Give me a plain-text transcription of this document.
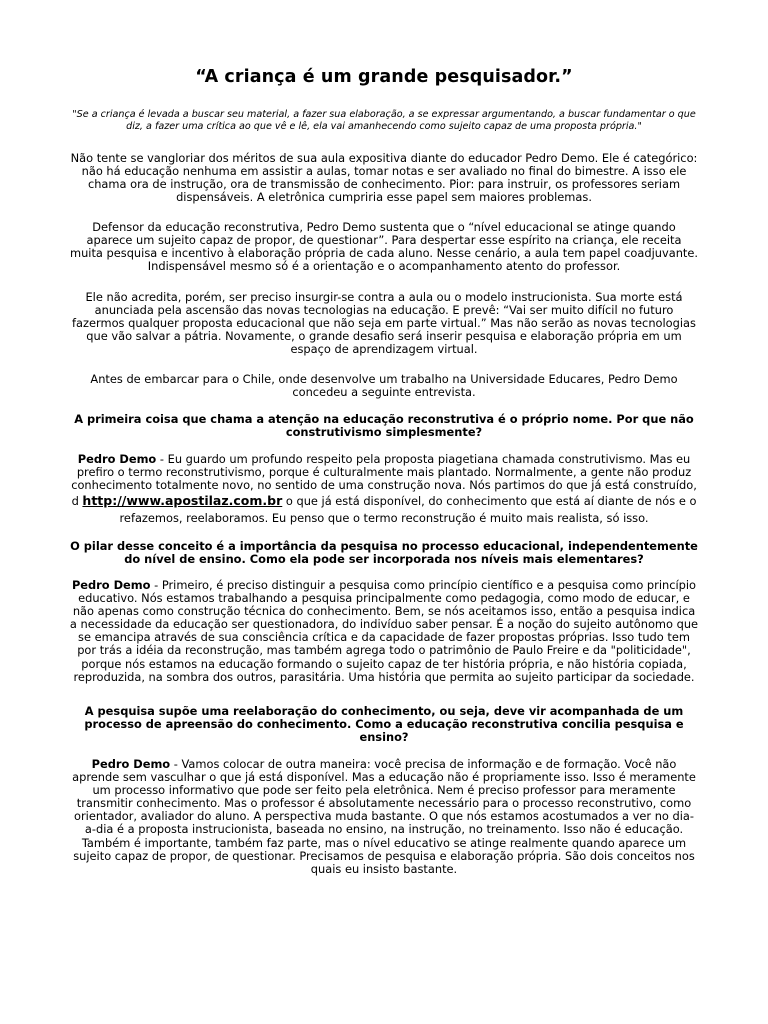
“A criança é um grande pesquisador.”
"Se a criança é levada a buscar seu material, a fazer sua elaboração, a se expressar argumentando, a buscar fundamentar o que
diz, a fazer uma crítica ao que vê e lê, ela vai amanhecendo como sujeito capaz de uma proposta própria."
Não tente se vangloriar dos méritos de sua aula expositiva diante do educador Pedro Demo. Ele é categórico:
não há educação nenhuma em assistir a aulas, tomar notas e ser avaliado no final do bimestre. A isso ele
chama ora de instrução, ora de transmissão de conhecimento. Pior: para instruir, os professores seriam
dispensáveis. A eletrônica cumpriria esse papel sem maiores problemas.
Defensor da educação reconstrutiva, Pedro Demo sustenta que o “nível educacional se atinge quando
aparece um sujeito capaz de propor, de questionar”. Para despertar esse espírito na criança, ele receita
muita pesquisa e incentivo à elaboração própria de cada aluno. Nesse cenário, a aula tem papel coadjuvante.
Indispensável mesmo só é a orientação e o acompanhamento atento do professor.
Ele não acredita, porém, ser preciso insurgir-se contra a aula ou o modelo instrucionista. Sua morte está
anunciada pela ascensão das novas tecnologias na educação. E prevê: “Vai ser muito difícil no futuro
fazermos qualquer proposta educacional que não seja em parte virtual.” Mas não serão as novas tecnologias
que vão salvar a pátria. Novamente, o grande desafio será inserir pesquisa e elaboração própria em um
espaço de aprendizagem virtual.
Antes de embarcar para o Chile, onde desenvolve um trabalho na Universidade Educares, Pedro Demo
concedeu a seguinte entrevista.
A primeira coisa que chama a atenção na educação reconstrutiva é o próprio nome. Por que não
construtivismo simplesmente?
Pedro Demo - Eu guardo um profundo respeito pela proposta piagetiana chamada construtivismo. Mas eu
prefiro o termo reconstrutivismo, porque é culturalmente mais plantado. Normalmente, a gente não produz
conhecimento totalmente novo, no sentido de uma construção nova. Nós partimos do que já está construído,
d http://www.apostilaz.com.br o que já está disponível, do conhecimento que está aí diante de nós e o
refazemos, reelaboramos. Eu penso que o termo reconstrução é muito mais realista, só isso.
O pilar desse conceito é a importância da pesquisa no processo educacional, independentemente
do nível de ensino. Como ela pode ser incorporada nos níveis mais elementares?
Pedro Demo - Primeiro, é preciso distinguir a pesquisa como princípio científico e a pesquisa como princípio
educativo. Nós estamos trabalhando a pesquisa principalmente como pedagogia, como modo de educar, e
não apenas como construção técnica do conhecimento. Bem, se nós aceitamos isso, então a pesquisa indica
a necessidade da educação ser questionadora, do indivíduo saber pensar. É a noção do sujeito autônomo que
se emancipa através de sua consciência crítica e da capacidade de fazer propostas próprias. Isso tudo tem
por trás a idéia da reconstrução, mas também agrega todo o patrimônio de Paulo Freire e da "politicidade",
porque nós estamos na educação formando o sujeito capaz de ter história própria, e não história copiada,
reproduzida, na sombra dos outros, parasitária. Uma história que permita ao sujeito participar da sociedade.
A pesquisa supõe uma reelaboração do conhecimento, ou seja, deve vir acompanhada de um
processo de apreensão do conhecimento. Como a educação reconstrutiva concilia pesquisa e
ensino?
Pedro Demo - Vamos colocar de outra maneira: você precisa de informação e de formação. Você não
aprende sem vasculhar o que já está disponível. Mas a educação não é propriamente isso. Isso é meramente
um processo informativo que pode ser feito pela eletrônica. Nem é preciso professor para meramente
transmitir conhecimento. Mas o professor é absolutamente necessário para o processo reconstrutivo, como
orientador, avaliador do aluno. A perspectiva muda bastante. O que nós estamos acostumados a ver no dia-
a-dia é a proposta instrucionista, baseada no ensino, na instrução, no treinamento. Isso não é educação.
Também é importante, também faz parte, mas o nível educativo se atinge realmente quando aparece um
sujeito capaz de propor, de questionar. Precisamos de pesquisa e elaboração própria. São dois conceitos nos
quais eu insisto bastante.
